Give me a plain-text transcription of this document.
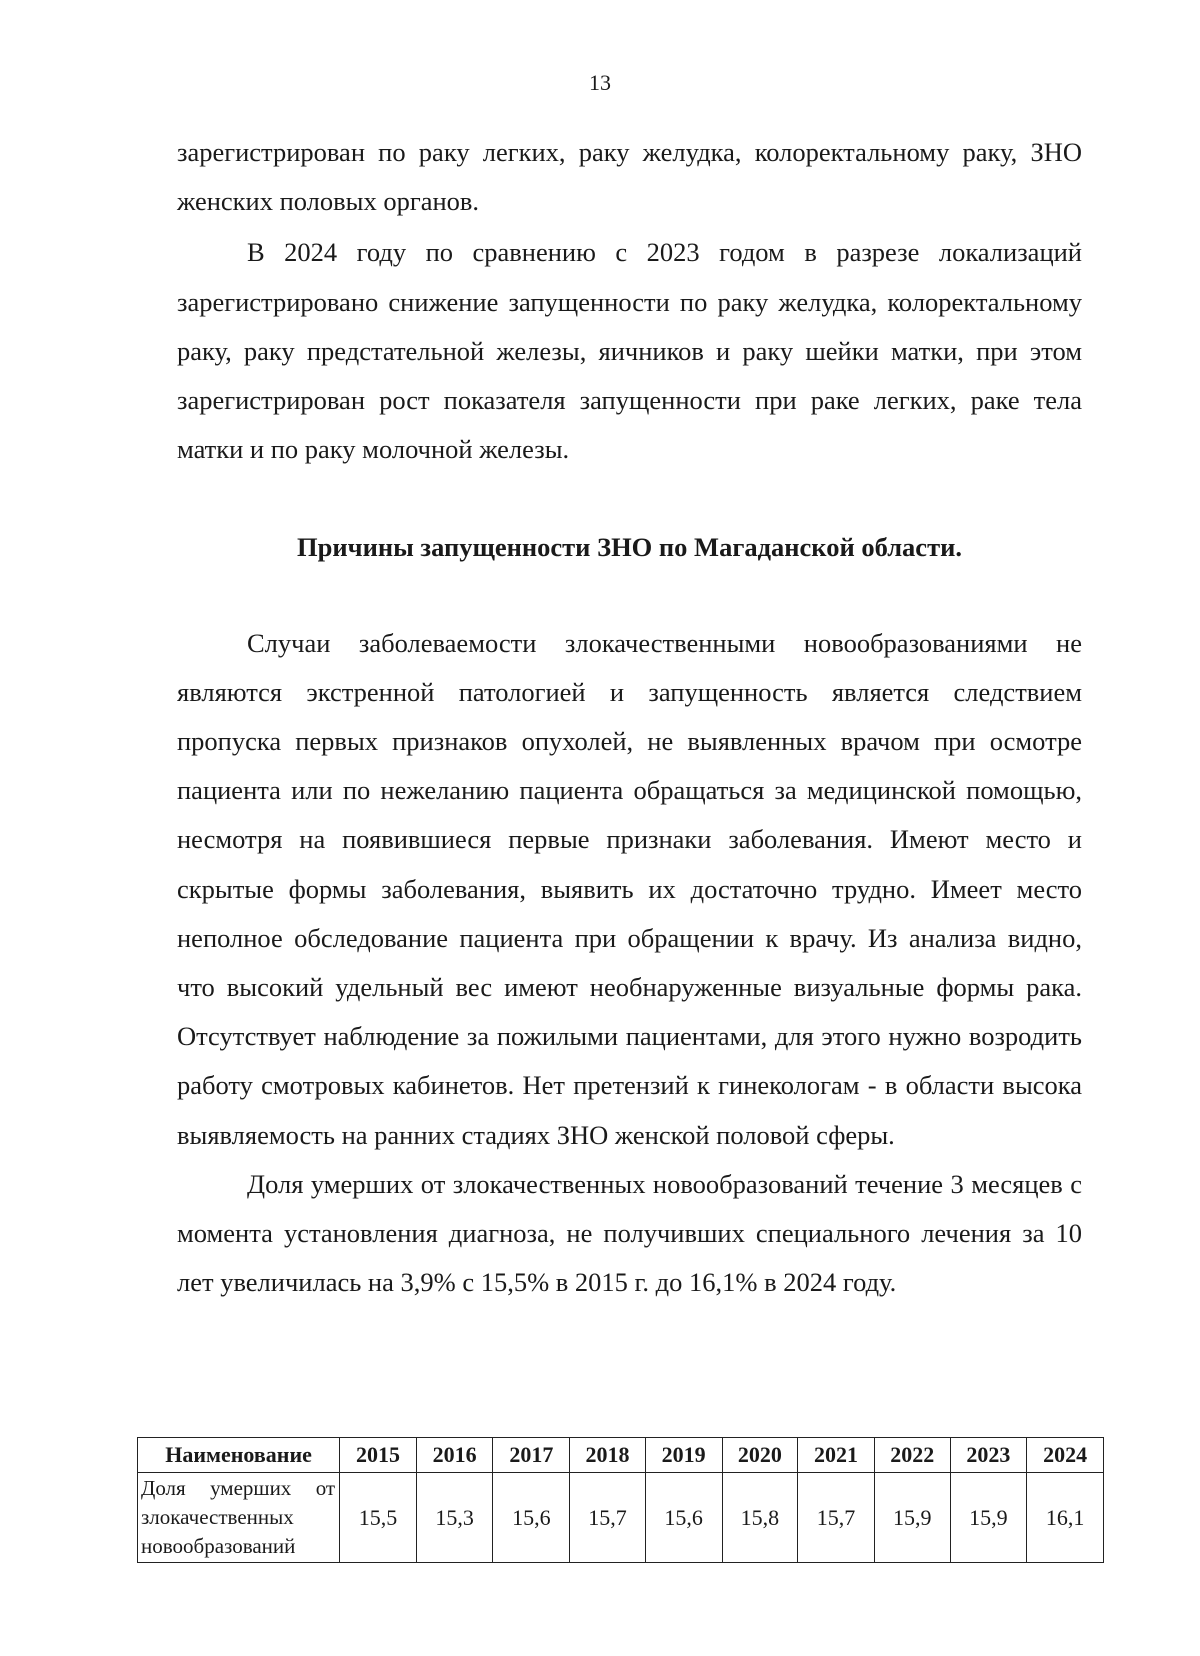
13

зарегистрирован по раку легких, раку желудка, колоректальному раку, ЗНО женских половых органов.

В 2024 году по сравнению с 2023 годом в разрезе локализаций зарегистрировано снижение запущенности по раку желудка, колоректальному раку, раку предстательной железы, яичников и раку шейки матки, при этом зарегистрирован рост показателя запущенности при раке легких, раке тела матки и по раку молочной железы.

Причины запущенности ЗНО по Магаданской области.

Случаи заболеваемости злокачественными новообразованиями не являются экстренной патологией и запущенность является следствием пропуска первых признаков опухолей, не выявленных врачом при осмотре пациента или по нежеланию пациента обращаться за медицинской помощью, несмотря на появившиеся первые признаки заболевания. Имеют место и скрытые формы заболевания, выявить их достаточно трудно. Имеет место неполное обследование пациента при обращении к врачу. Из анализа видно, что высокий удельный вес имеют необнаруженные визуальные формы рака. Отсутствует наблюдение за пожилыми пациентами, для этого нужно возродить работу смотровых кабинетов. Нет претензий к гинекологам - в области высока выявляемость на ранних стадиях ЗНО женской половой сферы.

Доля умерших от злокачественных новообразований течение 3 месяцев с момента установления диагноза, не получивших специального лечения за 10 лет увеличилась на 3,9% с 15,5% в 2015 г. до 16,1% в 2024 году.

Наименование	2015	2016	2017	2018	2019	2020	2021	2022	2023	2024

Доля умерших от
злокачественных
новообразований	15,5	15,3	15,6	15,7	15,6	15,8	15,7	15,9	15,9	16,1
